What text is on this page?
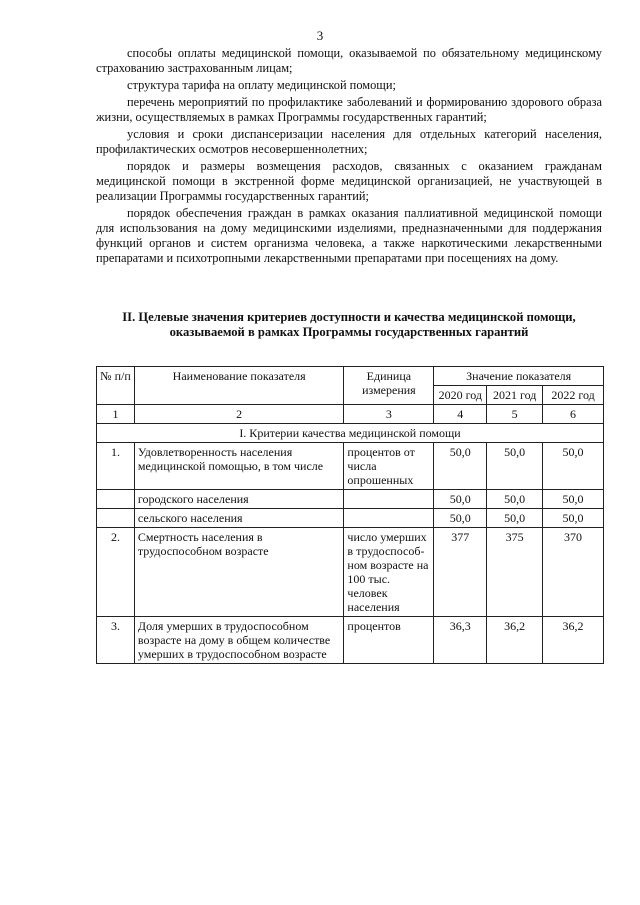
3

способы оплаты медицинской помощи, оказываемой по обязательному медицинскому страхованию застрахованным лицам;

структура тарифа на оплату медицинской помощи;

перечень мероприятий по профилактике заболеваний и формированию здорового образа жизни, осуществляемых в рамках Программы государственных гарантий;

условия и сроки диспансеризации населения для отдельных категорий населения, профилактических осмотров несовершеннолетних;

порядок и размеры возмещения расходов, связанных с оказанием гражданам медицинской помощи в экстренной форме медицинской организацией, не участвующей в реализации Программы государственных гарантий;

порядок обеспечения граждан в рамках оказания паллиативной медицинской помощи для использования на дому медицинскими изделиями, предназначенными для поддержания функций органов и систем организма человека, а также наркотическими лекарственными препаратами и психотропными лекарственными препаратами при посещениях на дому.

II. Целевые значения критериев доступности и качества медицинской помощи, оказываемой в рамках Программы государственных гарантий
№ п/п	Наименование показателя	Единица измерения	Значение показателя		
			2020 год	2021 год	2022 год
1	2	3	4	5	6
I. Критерии качества медицинской помощи					
1.	Удовлетворенность населения медицинской помощью, в том числе	процентов от числа опрошенных	50,0	50,0	50,0
	городского населения		50,0	50,0	50,0
	сельского населения		50,0	50,0	50,0
2.	Смертность населения в трудоспособном возрасте	число умерших в трудоспособ-ном возрасте на 100 тыс. человек населения	377	375	370
3.	Доля умерших в трудоспособном возрасте на дому в общем количестве умерших в трудоспособном возрасте	процентов	36,3	36,2	36,2
